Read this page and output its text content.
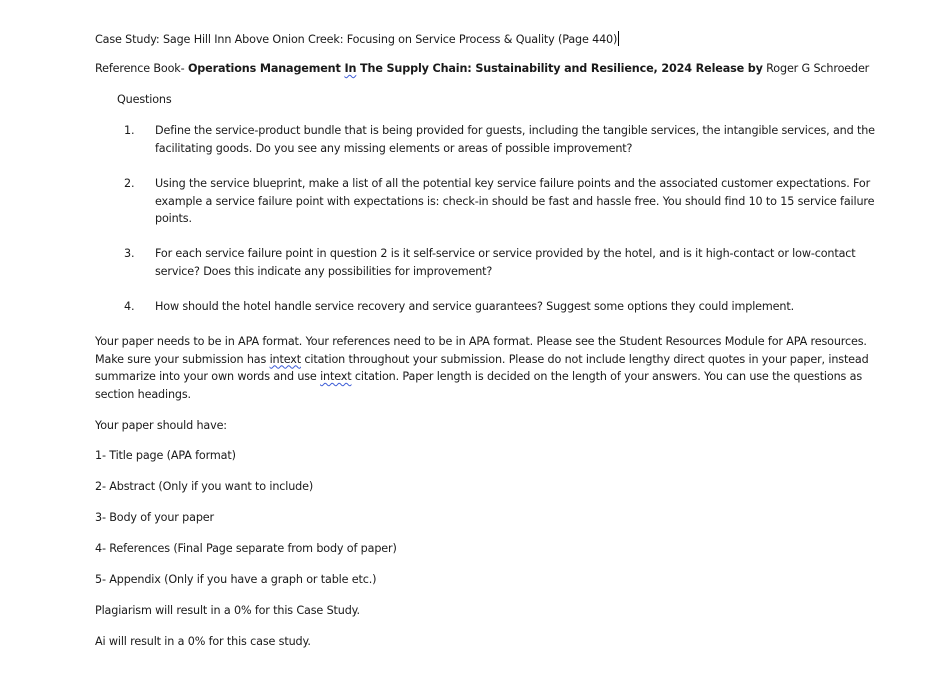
Case Study: Sage Hill Inn Above Onion Creek: Focusing on Service Process & Quality (Page 440)
Reference Book- Operations Management In The Supply Chain: Sustainability and Resilience, 2024 Release by Roger G Schroeder
Questions
1. Define the service-product bundle that is being provided for guests, including the tangible services, the intangible services, and the facilitating goods. Do you see any missing elements or areas of possible improvement?
2. Using the service blueprint, make a list of all the potential key service failure points and the associated customer expectations. For example a service failure point with expectations is: check-in should be fast and hassle free. You should find 10 to 15 service failure points.
3. For each service failure point in question 2 is it self-service or service provided by the hotel, and is it high-contact or low-contact service? Does this indicate any possibilities for improvement?
4. How should the hotel handle service recovery and service guarantees? Suggest some options they could implement.
Your paper needs to be in APA format. Your references need to be in APA format. Please see the Student Resources Module for APA resources. Make sure your submission has intext citation throughout your submission. Please do not include lengthy direct quotes in your paper, instead summarize into your own words and use intext citation. Paper length is decided on the length of your answers. You can use the questions as section headings.
Your paper should have:
1- Title page (APA format)
2- Abstract (Only if you want to include)
3- Body of your paper
4- References (Final Page separate from body of paper)
5- Appendix (Only if you have a graph or table etc.)
Plagiarism will result in a 0% for this Case Study.
Ai will result in a 0% for this case study.
